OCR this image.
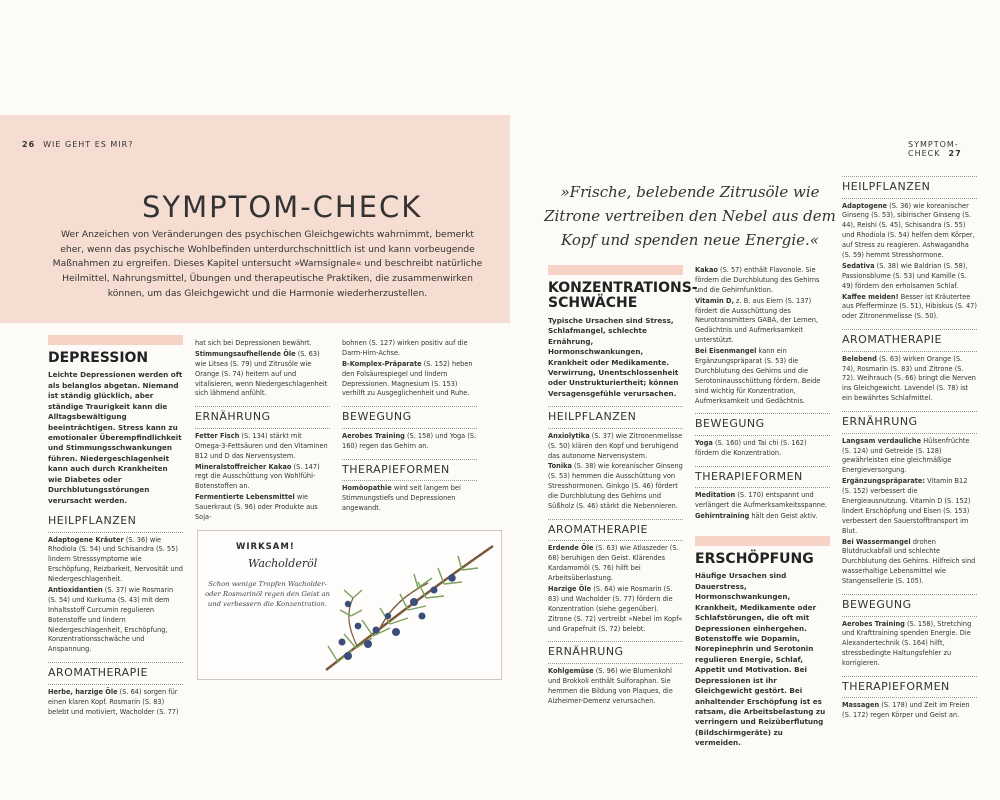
26 WIE GEHT ES MIR?	SYMPTOM-CHECK 27
SYMPTOM-CHECK

Wer Anzeichen von Veränderungen des psychischen Gleichgewichts wahrnimmt, bemerkt eher, wenn das psychische Wohlbefinden unterdurchschnittlich ist und kann vorbeugende Maßnahmen zu ergreifen. Dieses Kapitel untersucht »Warnsignale« und beschreibt natürliche Heilmittel, Nahrungsmittel, Übungen und therapeutische Praktiken, die zusammenwirken können, um das Gleichgewicht und die Harmonie wiederherzustellen.

»Frische, belebende Zitrusöle wie Zitrone vertreiben den Nebel aus dem Kopf und spenden neue Energie.«

DEPRESSION

Leichte Depressionen werden oft als belanglos abgetan. Niemand ist ständig glücklich, aber ständige Traurigkeit kann die Alltagsbewältigung beeinträchtigen. Stress kann zu emotionaler Überempfindlichkeit und Stimmungsschwankungen führen. Niedergeschlagenheit kann auch durch Krankheiten wie Diabetes oder Durchblutungsstörungen verursacht werden.

HEILPFLANZEN

Adaptogene Kräuter (S. 36) wie Rhodiola (S. 54) und Schisandra (S. 55) lindern Stresssymptome wie Erschöpfung, Reizbarkeit, Nervosität und Niedergeschlagenheit.

Antioxidantien (S. 37) wie Rosmarin (S. 54) und Kurkuma (S. 43) mit dem Inhaltsstoff Curcumin regulieren Botenstoffe und lindern Niedergeschlagenheit, Erschöpfung, Konzentrationsschwäche und Anspannung.

AROMATHERAPIE

Herbe, harzige Öle (S. 64) sorgen für einen klaren Kopf. Rosmarin (S. 83) belebt und motiviert, Wacholder (S. 77)

hat sich bei Depressionen bewährt.

Stimmungsaufhellende Öle (S. 63) wie Litsea (S. 79) und Zitrusöle wie Orange (S. 74) heitern auf und vitalisieren, wenn Niedergeschlagenheit sich lähmend anfühlt.

ERNÄHRUNG

Fetter Fisch (S. 134) stärkt mit Omega-3-Fettsäuren und den Vitaminen B12 und D das Nervensystem.

Mineralstoffreicher Kakao (S. 147) regt die Ausschüttung von Wohlfühl-Botenstoffen an.

Fermentierte Lebensmittel wie Sauerkraut (S. 96) oder Produkte aus Soja-

bohnen (S. 127) wirken positiv auf die Darm-Hirn-Achse.

B-Komplex-Präparate (S. 152) heben den Folsäurespiegel und lindern Depressionen. Magnesium (S. 153) verhilft zu Ausgeglichenheit und Ruhe.

BEWEGUNG

Aerobes Training (S. 158) und Yoga (S. 160) regen das Gehirn an.

THERAPIEFORMEN

Homöopathie wird seit langem bei Stimmungstiefs und Depressionen angewandt.

WIRKSAM!
Wacholderöl
Schon wenige Tropfen Wacholder- oder Rosmarinöl regen den Geist an und verbessern die Konzentration.
KONZENTRATIONS-SCHWÄCHE

Typische Ursachen sind Stress, Schlafmangel, schlechte Ernährung, Hormonschwankungen, Krankheit oder Medikamente. Verwirrung, Unentschlossenheit oder Unstrukturiertheit; können Versagensgefühle verursachen.

HEILPFLANZEN

Anxiolytika (S. 37) wie Zitronenmelisse (S. 50) klären den Kopf und beruhigend das autonome Nervensystem.

Tonika (S. 38) wie koreanischer Ginseng (S. 53) hemmen die Ausschüttung von Stresshormonen. Ginkgo (S. 46) fördert die Durchblutung des Gehirns und Süßholz (S. 46) stärkt die Nebennieren.

AROMATHERAPIE

Erdende Öle (S. 63) wie Atlaszeder (S. 68) beruhigen den Geist. Klärendes Kardamomöl (S. 76) hilft bei Arbeitsüberlastung.

Harzige Öle (S. 64) wie Rosmarin (S. 83) und Wacholder (S. 77) fördern die Konzentration (siehe gegenüber). Zitrone (S. 72) vertreibt »Nebel im Kopf« und Grapefruit (S. 72) belebt.

ERNÄHRUNG

Kohlgemüse (S. 96) wie Blumenkohl und Brokkoli enthält Sulforaphan. Sie hemmen die Bildung von Plaques, die Alzheimer-Demenz verursachen.

Kakao (S. 57) enthält Flavonole. Sie fördern die Durchblutung des Gehirns und die Gehirnfunktion.

Vitamin D, z. B. aus Eiern (S. 137) fördert die Ausschüttung des Neurotransmitters GABA, der Lernen, Gedächtnis und Aufmerksamkeit unterstützt.

Bei Eisenmangel kann ein Ergänzungspräparat (S. 53) die Durchblutung des Gehirns und die Serotoninausschüttung fördern. Beide sind wichtig für Konzentration, Aufmerksamkeit und Gedächtnis.

BEWEGUNG

Yoga (S. 160) und Tai chi (S. 162) fördern die Konzentration.

THERAPIEFORMEN

Meditation (S. 170) entspannt und verlängert die Aufmerksamkeitsspanne.

Gehirntraining hält den Geist aktiv.

ERSCHÖPFUNG

Häufige Ursachen sind Dauerstress, Hormonschwankungen, Krankheit, Medikamente oder Schlafstörungen, die oft mit Depressionen einhergehen. Botenstoffe wie Dopamin, Norepinephrin und Serotonin regulieren Energie, Schlaf, Appetit und Motivation. Bei Depressionen ist ihr Gleichgewicht gestört. Bei anhaltender Erschöpfung ist es ratsam, die Arbeitsbelastung zu verringern und Reizüberflutung (Bildschirmgeräte) zu vermeiden.

HEILPFLANZEN

Adaptogene (S. 36) wie koreanischer Ginseng (S. 53), sibirischer Ginseng (S. 44), Reishi (S. 45), Schisandra (S. 55) und Rhodiola (S. 54) helfen dem Körper, auf Stress zu reagieren. Ashwagandha (S. 59) hemmt Stresshormone.

Sedativa (S. 38) wie Baldrian (S. 58), Passionsblume (S. 53) und Kamille (S. 49) fördern den erholsamen Schlaf.

Kaffee meiden! Besser ist Kräutertee aus Pfefferminze (S. 51), Hibiskus (S. 47) oder Zitronenmelisse (S. 50).

AROMATHERAPIE

Belebend (S. 63) wirken Orange (S. 74), Rosmarin (S. 83) und Zitrone (S. 72). Weihrauch (S. 66) bringt die Nerven ins Gleichgewicht. Lavendel (S. 78) ist ein bewährtes Schlafmittel.

ERNÄHRUNG

Langsam verdauliche Hülsenfrüchte (S. 124) und Getreide (S. 128) gewährleisten eine gleichmäßige Energieversorgung.

Ergänzungspräparate: Vitamin B12 (S. 152) verbessert die Energieausnutzung. Vitamin D (S. 152) lindert Erschöpfung und Eisen (S. 153) verbessert den Sauerstofftransport im Blut.

Bei Wassermangel drohen Blutdruckabfall und schlechte Durchblutung des Gehirns. Hilfreich sind wasserhaltige Lebensmittel wie Stangensellerie (S. 105).

BEWEGUNG

Aerobes Training (S. 158), Stretching und Krafttraining spenden Energie. Die Alexandertechnik (S. 164) hilft, stressbedingte Haltungsfehler zu korrigieren.

THERAPIEFORMEN

Massagen (S. 178) und Zeit im Freien (S. 172) regen Körper und Geist an.
